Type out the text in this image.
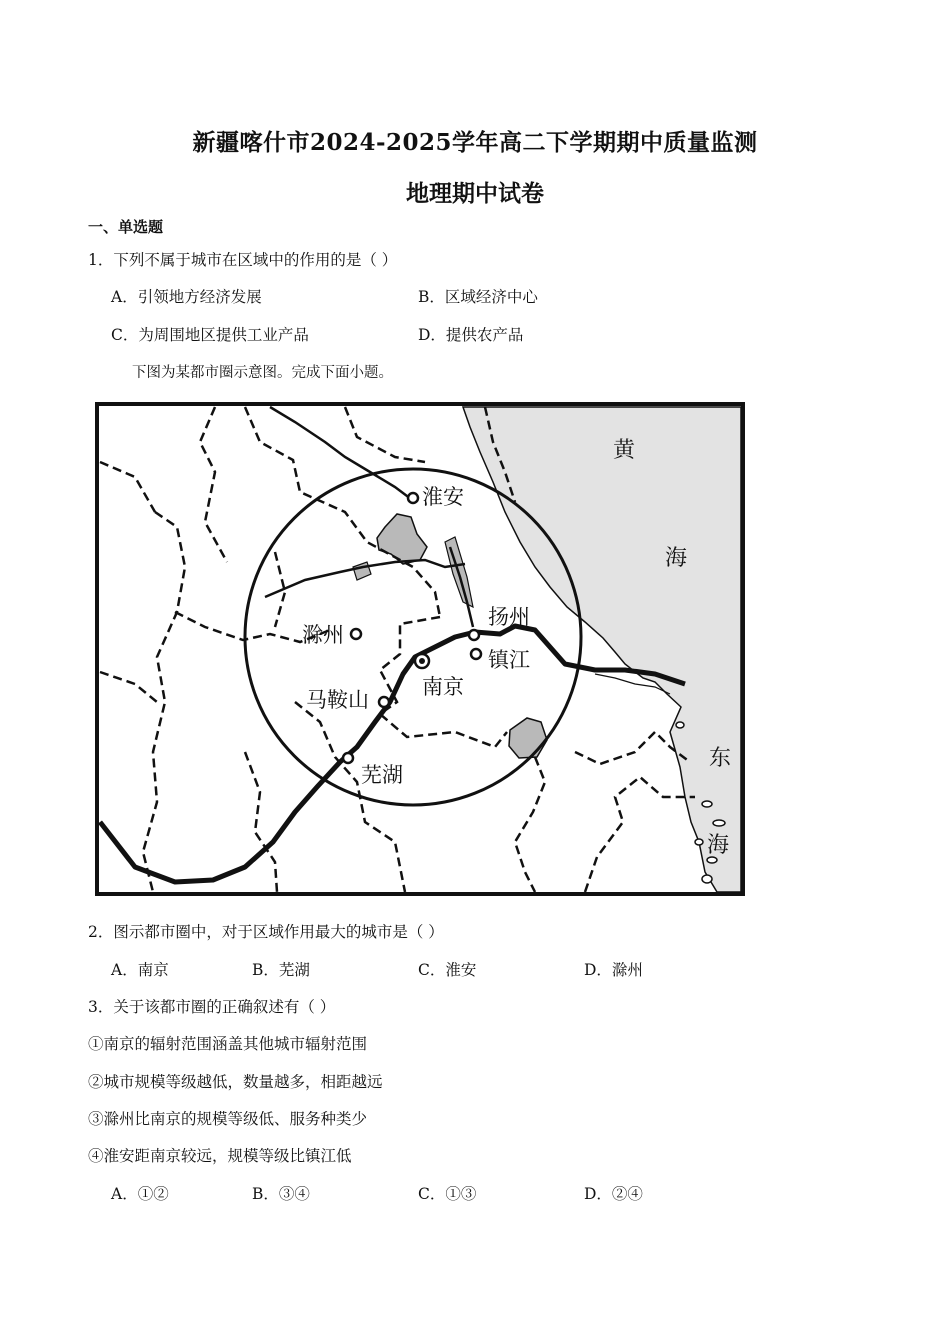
新疆喀什市2024-2025学年高二下学期期中质量监测
地理期中试卷
一、单选题
1．下列不属于城市在区域中的作用的是（ ）
A．引领地方经济发展	B．区域经济中心
C．为周围地区提供工业产品	D．提供农产品
下图为某都市圈示意图。完成下面小题。
淮安
扬州
滁州
镇江
南京
马鞍山
芜湖
黄
海
东
海
2．图示都市圈中，对于区域作用最大的城市是（ ）
A．南京	B．芜湖	C．淮安	D．滁州
3．关于该都市圈的正确叙述有（ ）
①南京的辐射范围涵盖其他城市辐射范围
②城市规模等级越低，数量越多，相距越远
③滁州比南京的规模等级低、服务种类少
④淮安距南京较远，规模等级比镇江低
A．①②	B．③④	C．①③	D．②④
